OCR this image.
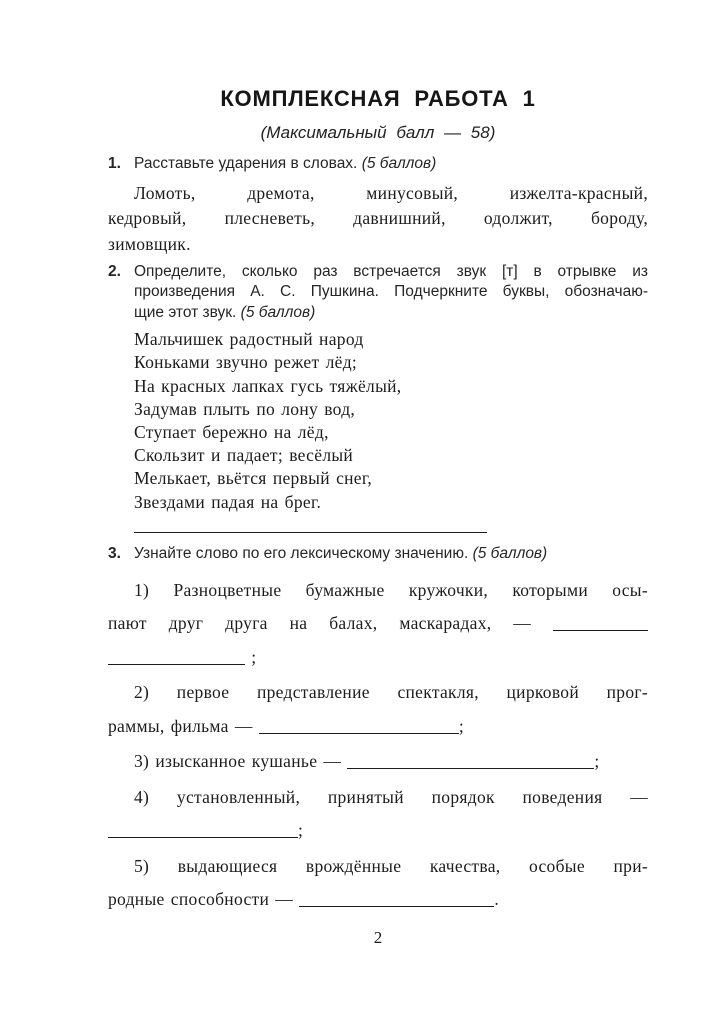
КОМПЛЕКСНАЯ РАБОТА 1
(Максимальный балл — 58)
1. Расставьте ударения в словах. (5 баллов)
Ломоть, дремота, минусовый, изжелта-красный,
кедровый, плесневеть, давнишний, одолжит, бороду,
зимовщик.
2. Определите, сколько раз встречается звук [т] в отрывке из
произведения А. С. Пушкина. Подчеркните буквы, обозначаю-
щие этот звук. (5 баллов)
Мальчишек радостный народ
Коньками звучно режет лёд;
На красных лапках гусь тяжёлый,
Задумав плыть по лону вод,
Ступает бережно на лёд,
Скользит и падает; весёлый
Мелькает, вьётся первый снег,
Звездами падая на брег.
3. Узнайте слово по его лексическому значению. (5 баллов)
1) Разноцветные бумажные кружочки, которыми осы-
пают друг друга на балах, маскарадах, —
;
2) первое представление спектакля, цирковой прог-
раммы, фильма —	;
3) изысканное кушанье —	;
4) установленный, принятый порядок поведения —
;
5) выдающиеся врождённые качества, особые при-
родные способности —	.
2
